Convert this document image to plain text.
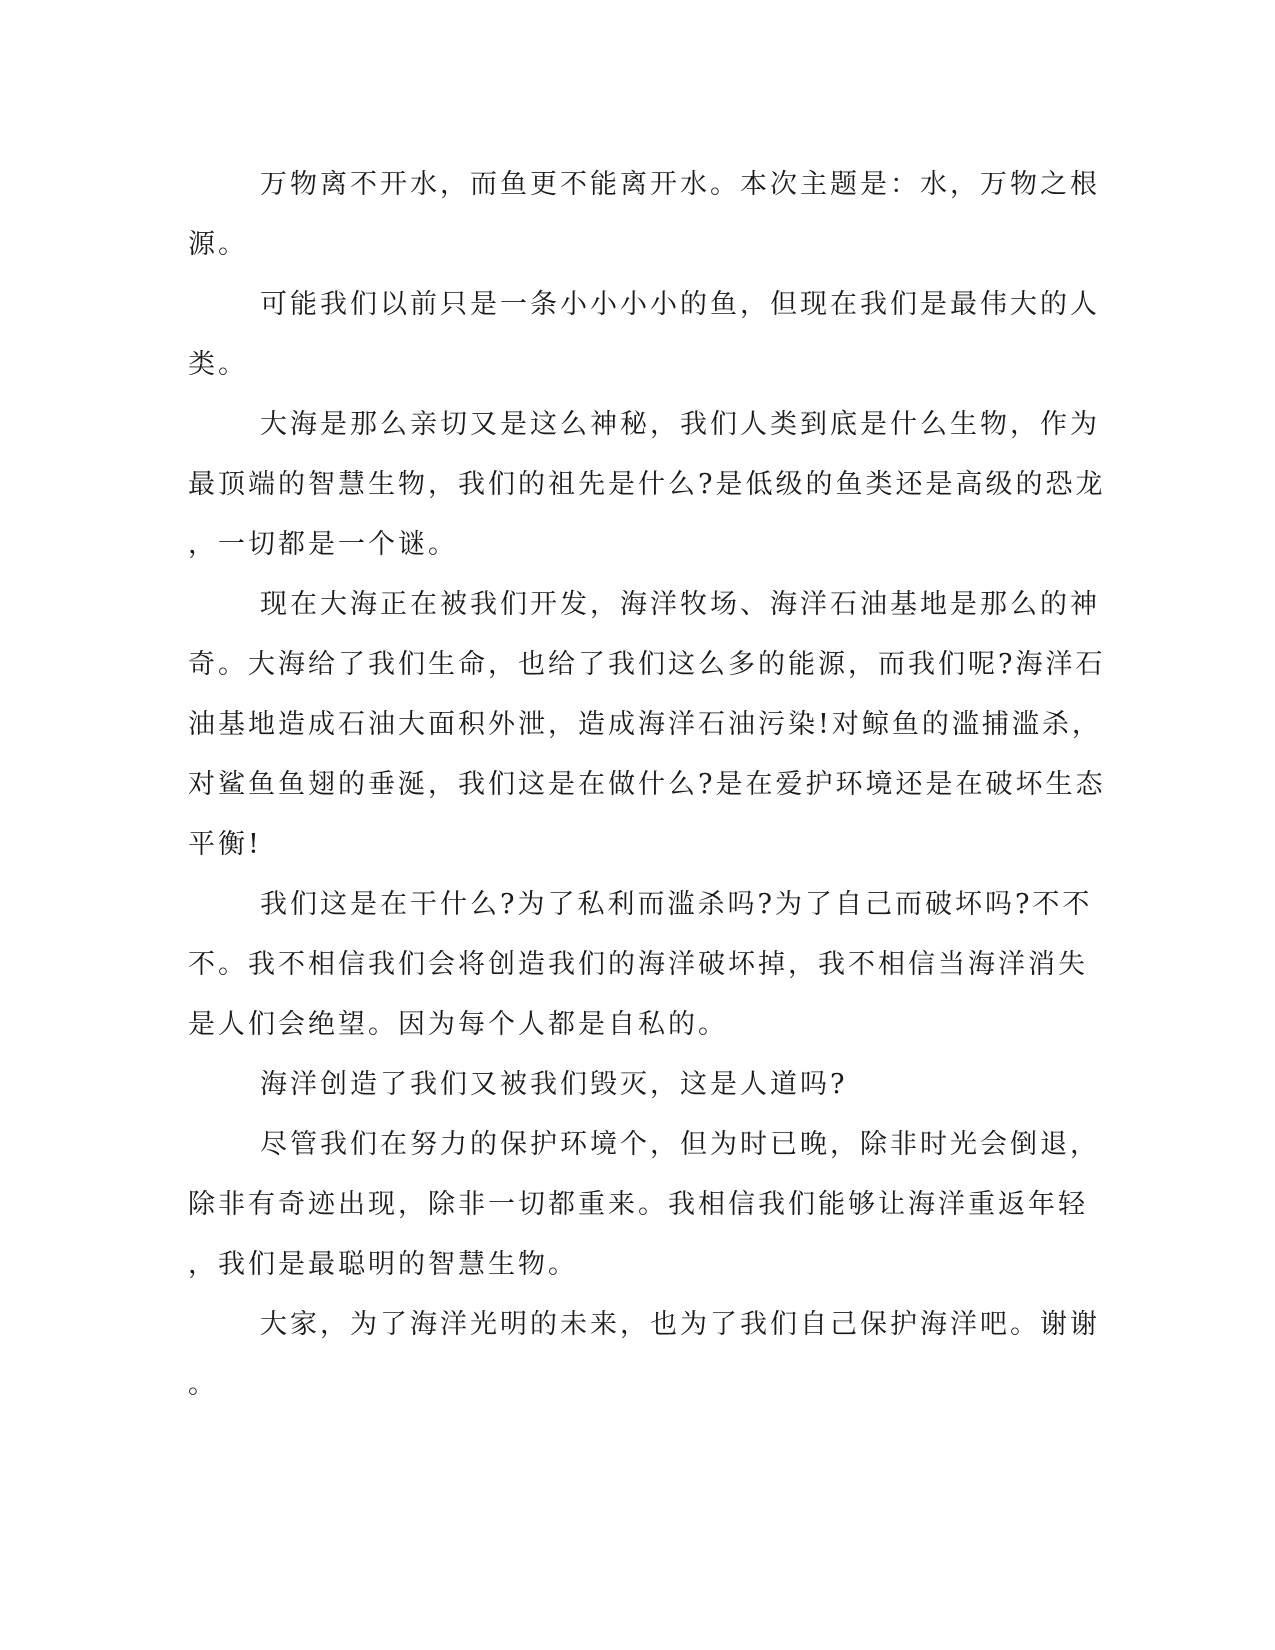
万物离不开水，而鱼更不能离开水。本次主题是：水，万物之根
源。
可能我们以前只是一条小小小小的鱼，但现在我们是最伟大的人
类。
大海是那么亲切又是这么神秘，我们人类到底是什么生物，作为
最顶端的智慧生物，我们的祖先是什么?是低级的鱼类还是高级的恐龙
，一切都是一个谜。
现在大海正在被我们开发，海洋牧场、海洋石油基地是那么的神
奇。大海给了我们生命，也给了我们这么多的能源，而我们呢?海洋石
油基地造成石油大面积外泄，造成海洋石油污染!对鲸鱼的滥捕滥杀，
对鲨鱼鱼翅的垂涎，我们这是在做什么?是在爱护环境还是在破坏生态
平衡!
我们这是在干什么?为了私利而滥杀吗?为了自己而破坏吗?不不
不。我不相信我们会将创造我们的海洋破坏掉，我不相信当海洋消失
是人们会绝望。因为每个人都是自私的。
海洋创造了我们又被我们毁灭，这是人道吗?
尽管我们在努力的保护环境个，但为时已晚，除非时光会倒退，
除非有奇迹出现，除非一切都重来。我相信我们能够让海洋重返年轻
，我们是最聪明的智慧生物。
大家，为了海洋光明的未来，也为了我们自己保护海洋吧。谢谢
。
